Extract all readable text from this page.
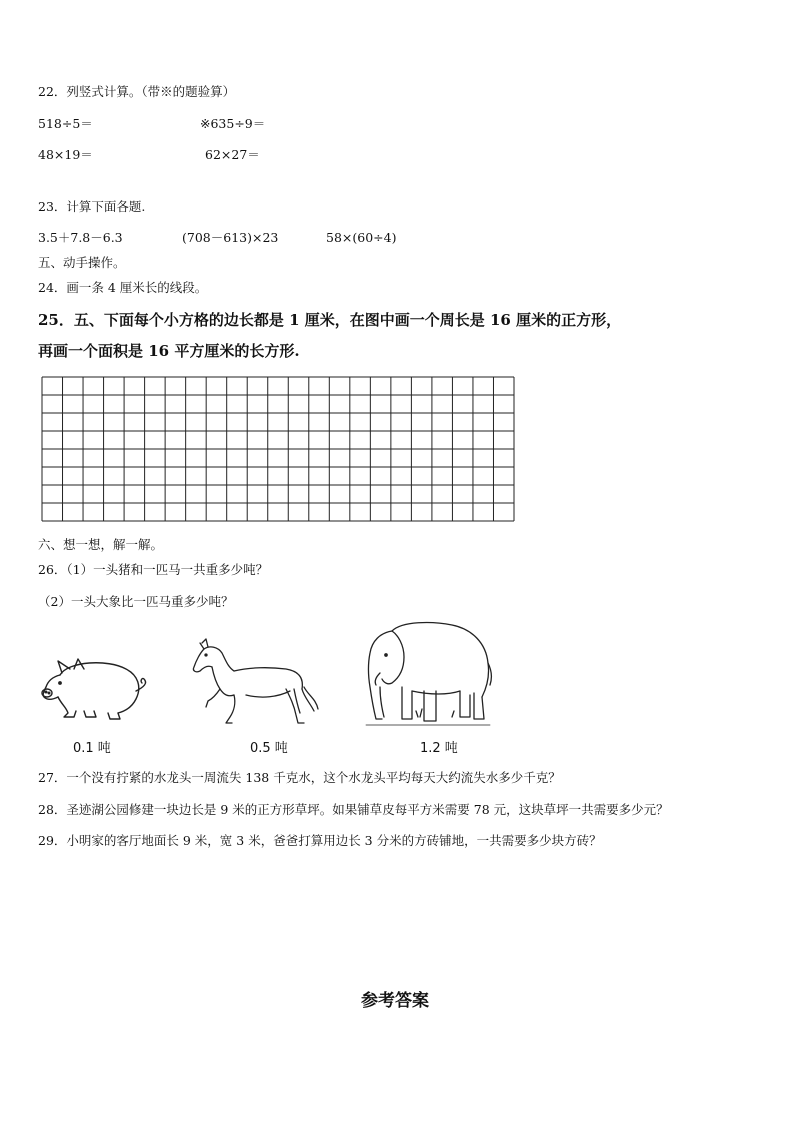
22．列竖式计算。（带※的题验算）
518÷5＝	※635÷9＝
48×19＝	62×27＝
23．计算下面各题.
3.5＋7.8－6.3	(708－613)×23	58×(60÷4)
五、动手操作。
24．画一条 4 厘米长的线段。
25．五、下面每个小方格的边长都是 1 厘米，在图中画一个周长是 16 厘米的正方形，
再画一个面积是 16 平方厘米的长方形.
六、想一想，解一解。
26．（1）一头猪和一匹马一共重多少吨？
（2）一头大象比一匹马重多少吨？
0.1 吨	0.5 吨	1.2 吨
27．一个没有拧紧的水龙头一周流失 138 千克水，这个水龙头平均每天大约流失水多少千克？
28．圣迹湖公园修建一块边长是 9 米的正方形草坪。如果铺草皮每平方米需要 78 元，这块草坪一共需要多少元？
29．小明家的客厅地面长 9 米，宽 3 米，爸爸打算用边长 3 分米的方砖铺地，一共需要多少块方砖？
参考答案
